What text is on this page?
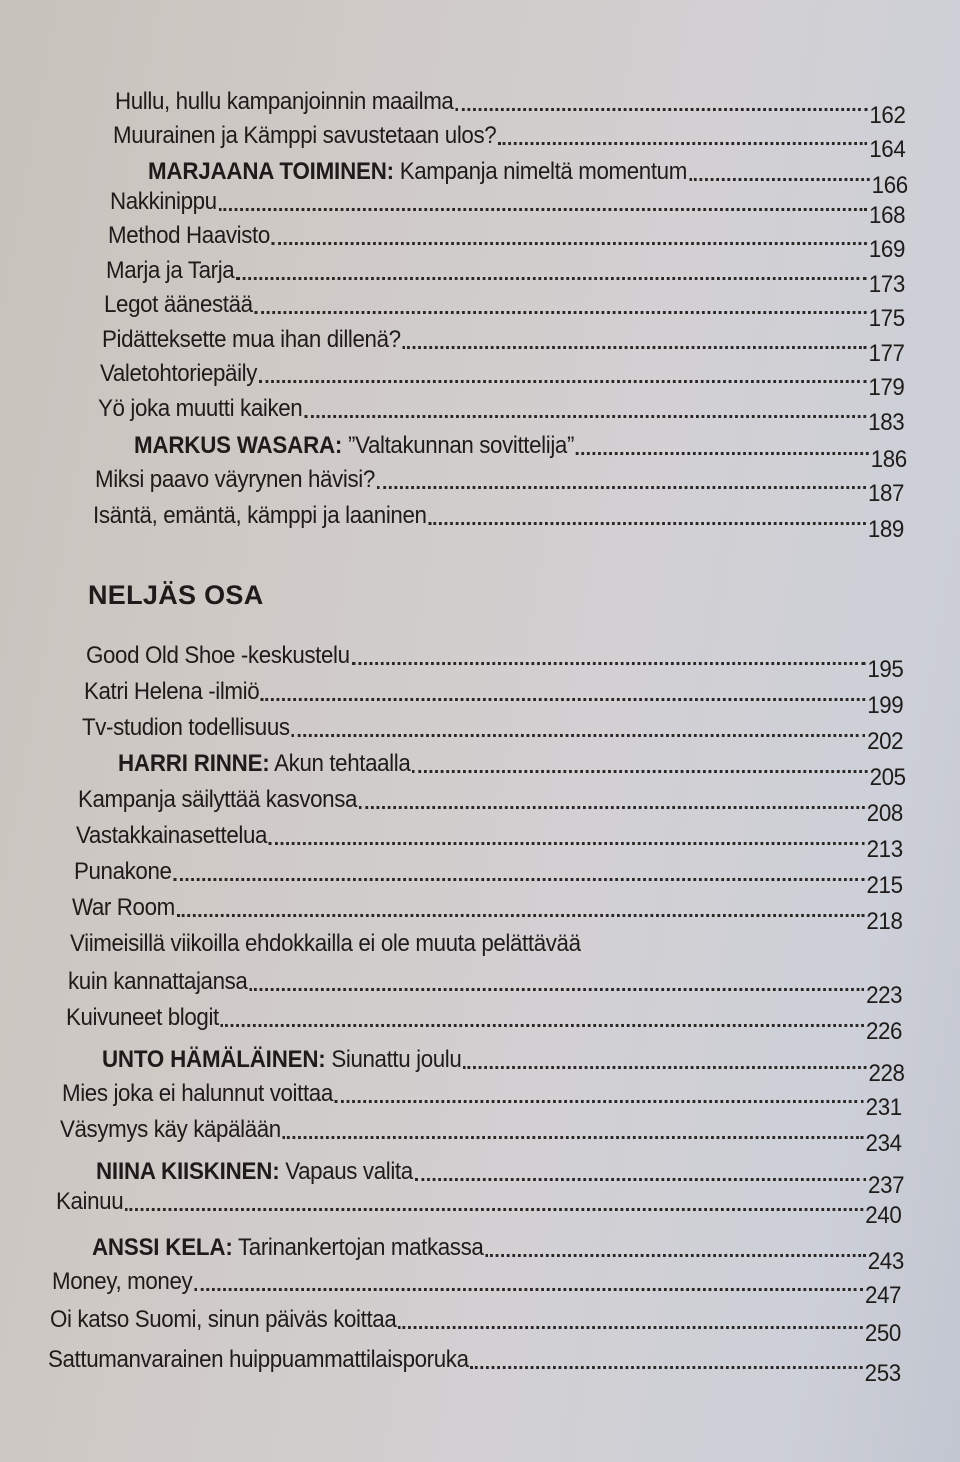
Hullu, hullu kampanjoinnin maailma
162
Muurainen ja Kämppi savustetaan ulos?
164
MARJAANA TOIMINEN: Kampanja nimeltä momentum
166
Nakkinippu
168
Method Haavisto
169
Marja ja Tarja
173
Legot äänestää
175
Pidätteksette mua ihan dillenä?
177
Valetohtoriepäily
179
Yö joka muutti kaiken
183
MARKUS WASARA: ”Valtakunnan sovittelija”
186
Miksi paavo väyrynen hävisi?
187
Isäntä, emäntä, kämppi ja laaninen
189
NELJÄS OSA
Good Old Shoe -keskustelu
195
Katri Helena -ilmiö
199
Tv-studion todellisuus
202
HARRI RINNE: Akun tehtaalla
205
Kampanja säilyttää kasvonsa
208
Vastakkainasettelua
213
Punakone
215
War Room
218
Viimeisillä viikoilla ehdokkailla ei ole muuta pelättävää
kuin kannattajansa
223
Kuivuneet blogit
226
UNTO HÄMÄLÄINEN: Siunattu joulu
228
Mies joka ei halunnut voittaa
231
Väsymys käy käpälään
234
NIINA KIISKINEN: Vapaus valita
237
Kainuu
240
ANSSI KELA: Tarinankertojan matkassa
243
Money, money
247
Oi katso Suomi, sinun päiväs koittaa
250
Sattumanvarainen huippuammattilaisporuka
253
